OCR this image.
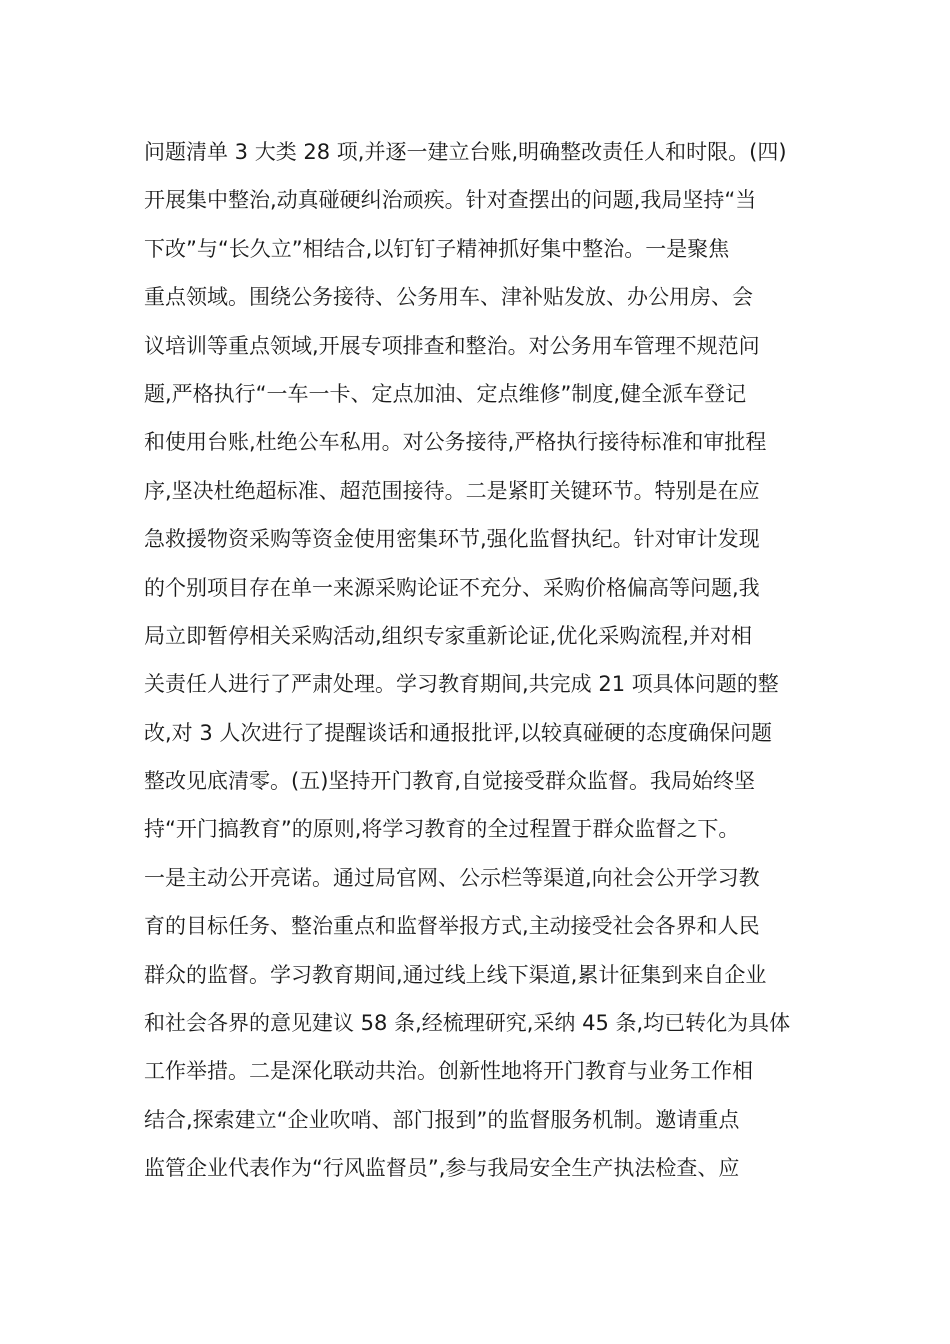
问题清单 3 大类 28 项,并逐一建立台账,明确整改责任人和时限。(四)
开展集中整治,动真碰硬纠治顽疾。针对查摆出的问题,我局坚持“当
下改”与“长久立”相结合,以钉钉子精神抓好集中整治。一是聚焦
重点领域。围绕公务接待、公务用车、津补贴发放、办公用房、会
议培训等重点领域,开展专项排查和整治。对公务用车管理不规范问
题,严格执行“一车一卡、定点加油、定点维修”制度,健全派车登记
和使用台账,杜绝公车私用。对公务接待,严格执行接待标准和审批程
序,坚决杜绝超标准、超范围接待。二是紧盯关键环节。特别是在应
急救援物资采购等资金使用密集环节,强化监督执纪。针对审计发现
的个别项目存在单一来源采购论证不充分、采购价格偏高等问题,我
局立即暂停相关采购活动,组织专家重新论证,优化采购流程,并对相
关责任人进行了严肃处理。学习教育期间,共完成 21 项具体问题的整
改,对 3 人次进行了提醒谈话和通报批评,以较真碰硬的态度确保问题
整改见底清零。(五)坚持开门教育,自觉接受群众监督。我局始终坚
持“开门搞教育”的原则,将学习教育的全过程置于群众监督之下。
一是主动公开亮诺。通过局官网、公示栏等渠道,向社会公开学习教
育的目标任务、整治重点和监督举报方式,主动接受社会各界和人民
群众的监督。学习教育期间,通过线上线下渠道,累计征集到来自企业
和社会各界的意见建议 58 条,经梳理研究,采纳 45 条,均已转化为具体
工作举措。二是深化联动共治。创新性地将开门教育与业务工作相
结合,探索建立“企业吹哨、部门报到”的监督服务机制。邀请重点
监管企业代表作为“行风监督员”,参与我局安全生产执法检查、应
